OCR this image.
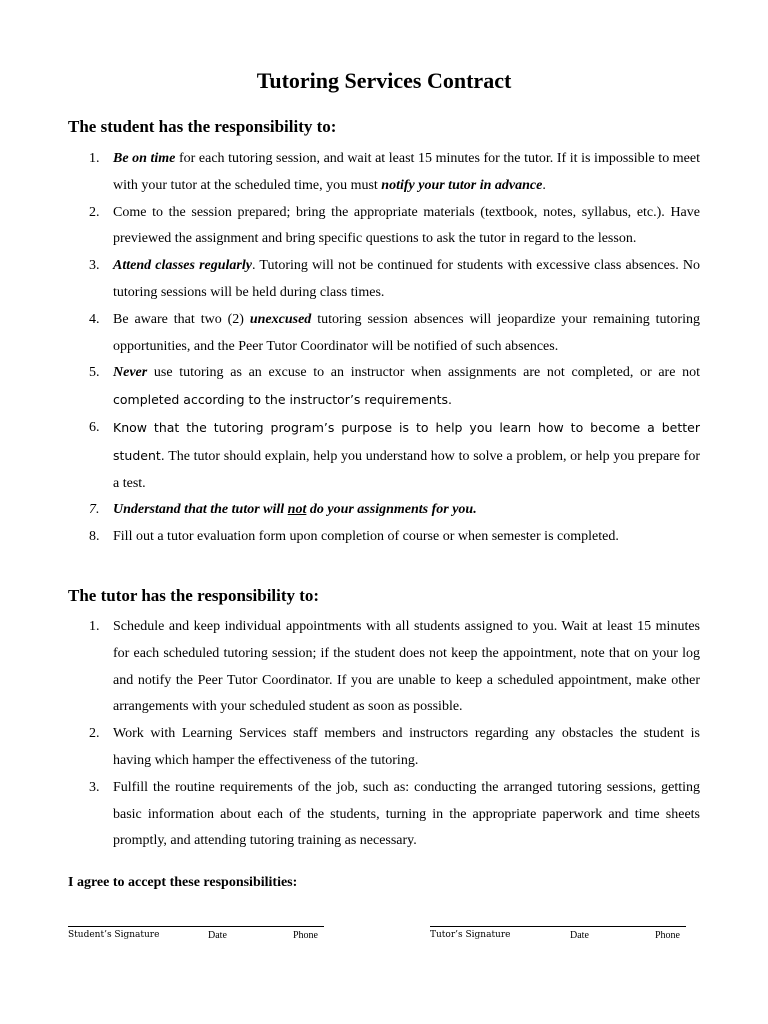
Tutoring Services Contract
The student has the responsibility to:
1. Be on time for each tutoring session, and wait at least 15 minutes for the tutor. If it is impossible to meet with your tutor at the scheduled time, you must notify your tutor in advance.
2. Come to the session prepared; bring the appropriate materials (textbook, notes, syllabus, etc.). Have previewed the assignment and bring specific questions to ask the tutor in regard to the lesson.
3. Attend classes regularly. Tutoring will not be continued for students with excessive class absences. No tutoring sessions will be held during class times.
4. Be aware that two (2) unexcused tutoring session absences will jeopardize your remaining tutoring opportunities, and the Peer Tutor Coordinator will be notified of such absences.
5. Never use tutoring as an excuse to an instructor when assignments are not completed, or are not completed according to the instructor’s requirements.
6. Know that the tutoring program’s purpose is to help you learn how to become a better student. The tutor should explain, help you understand how to solve a problem, or help you prepare for a test.
7. Understand that the tutor will not do your assignments for you.
8. Fill out a tutor evaluation form upon completion of course or when semester is completed.
The tutor has the responsibility to:
1. Schedule and keep individual appointments with all students assigned to you. Wait at least 15 minutes for each scheduled tutoring session; if the student does not keep the appointment, note that on your log and notify the Peer Tutor Coordinator. If you are unable to keep a scheduled appointment, make other arrangements with your scheduled student as soon as possible.
2. Work with Learning Services staff members and instructors regarding any obstacles the student is having which hamper the effectiveness of the tutoring.
3. Fulfill the routine requirements of the job, such as: conducting the arranged tutoring sessions, getting basic information about each of the students, turning in the appropriate paperwork and time sheets promptly, and attending tutoring training as necessary.

I agree to accept these responsibilities:

Student’s Signature	Date	Phone	Tutor’s Signature	Date	Phone
